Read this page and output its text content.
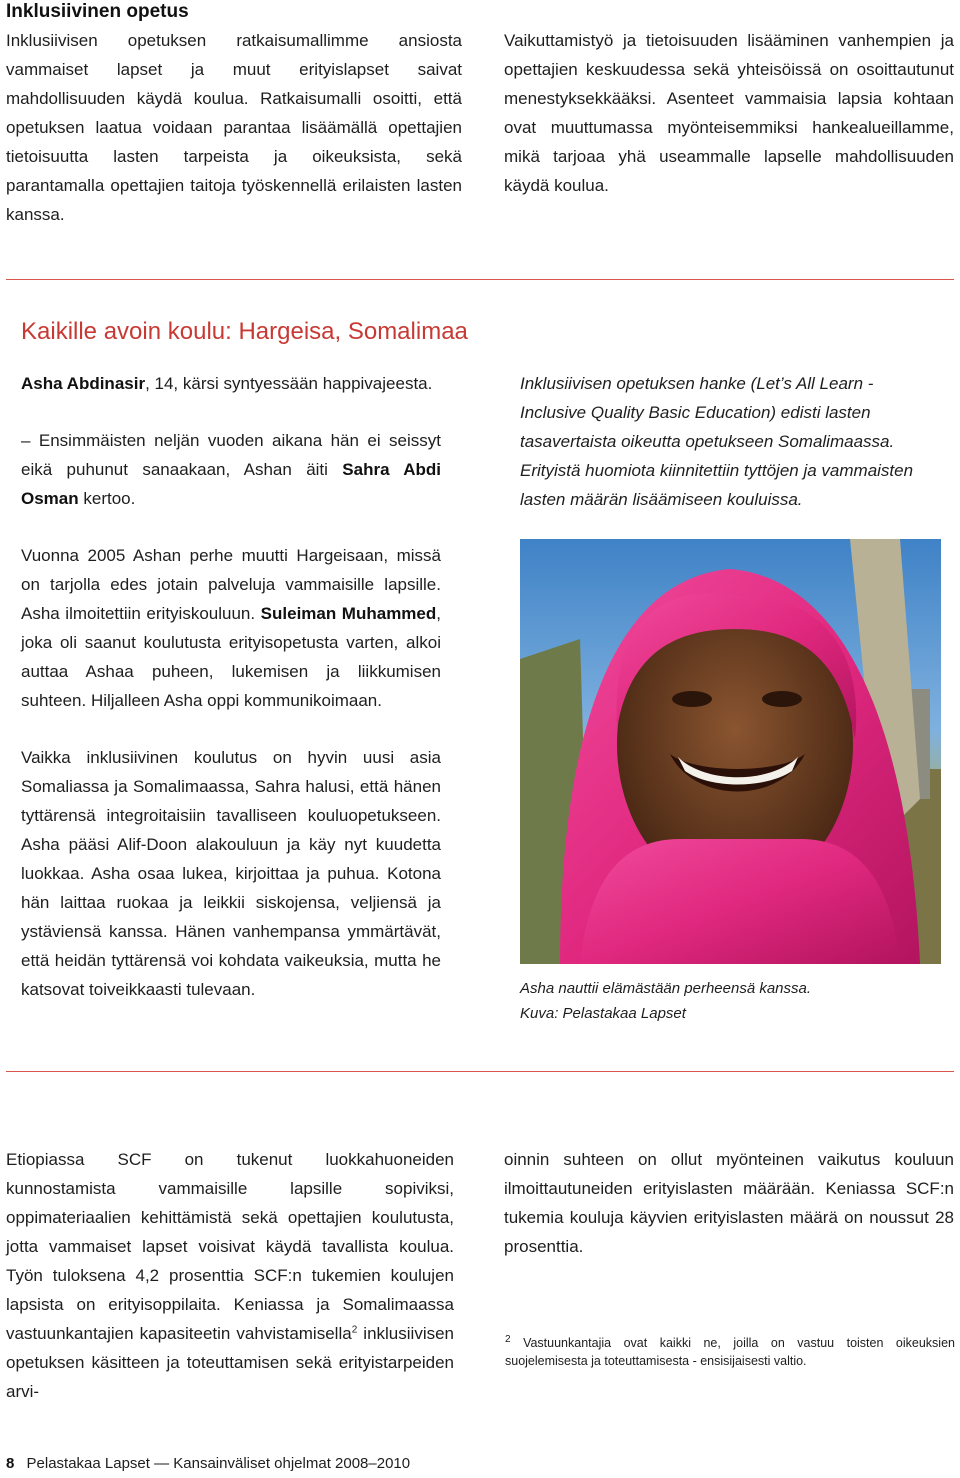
Inklusiivinen opetus

Inklusiivisen opetuksen ratkaisumallimme ansiosta vammaiset lapset ja muut erityislapset saivat mahdollisuuden käydä koulua. Ratkaisumalli osoitti, että opetuksen laatua voidaan parantaa lisäämällä opettajien tietoisuutta lasten tarpeista ja oikeuksista, sekä parantamalla opettajien taitoja työskennellä erilaisten lasten kanssa.

Vaikuttamistyö ja tietoisuuden lisääminen vanhempien ja opettajien keskuudessa sekä yhteisöissä on osoittautunut menestyksekkääksi. Asenteet vammaisia lapsia kohtaan ovat muuttumassa myönteisemmiksi hankealueillamme, mikä tarjoaa yhä useammalle lapselle mahdollisuuden käydä koulua.

Kaikille avoin koulu: Hargeisa, Somalimaa

Asha Abdinasir, 14, kärsi syntyessään happivajeesta.

– Ensimmäisten neljän vuoden aikana hän ei seissyt eikä puhunut sanaakaan, Ashan äiti Sahra Abdi Osman kertoo.

Vuonna 2005 Ashan perhe muutti Hargeisaan, missä on tarjolla edes jotain palveluja vammaisille lapsille. Asha ilmoitettiin erityiskouluun. Suleiman Muhammed, joka oli saanut koulutusta erityisopetusta varten, alkoi auttaa Ashaa puheen, lukemisen ja liikkumisen suhteen. Hiljalleen Asha oppi kommunikoimaan.

Vaikka inklusiivinen koulutus on hyvin uusi asia Somaliassa ja Somalimaassa, Sahra halusi, että hänen tyttärensä integroitaisiin tavalliseen kouluopetukseen. Asha pääsi Alif-Doon alakouluun ja käy nyt kuudetta luokkaa. Asha osaa lukea, kirjoittaa ja puhua. Kotona hän laittaa ruokaa ja leikkii siskojensa, veljiensä ja ystäviensä kanssa. Hänen vanhempansa ymmärtävät, että heidän tyttärensä voi kohdata vaikeuksia, mutta he katsovat toiveikkaasti tulevaan.

Inklusiivisen opetuksen hanke (Let’s All Learn - Inclusive Quality Basic Education) edisti lasten tasavertaista oikeutta opetukseen Somalimaassa. Erityistä huomiota kiinnitettiin tyttöjen ja vammaisten lasten määrän lisäämiseen kouluissa.

Asha nauttii elämästään perheensä kanssa.
Kuva: Pelastakaa Lapset

Etiopiassa SCF on tukenut luokkahuoneiden kunnostamista vammaisille lapsille sopiviksi, oppimateriaalien kehittämistä sekä opettajien koulutusta, jotta vammaiset lapset voisivat käydä tavallista koulua. Työn tuloksena 4,2 prosenttia SCF:n tukemien koulujen lapsista on erityisoppilaita. Keniassa ja Somalimaassa vastuunkantajien kapasiteetin vahvistamisella$^2$ inklusiivisen opetuksen käsitteen ja toteuttamisen sekä erityistarpeiden arvi-

oinnin suhteen on ollut myönteinen vaikutus kouluun ilmoittautuneiden erityislasten määrään. Keniassa SCF:n tukemia kouluja käyvien erityislasten määrä on noussut 28 prosenttia.

$^2$ Vastuunkantajia ovat kaikki ne, joilla on vastuu toisten oikeuksien suojelemisesta ja toteuttamisesta - ensisijaisesti valtio.
8 Pelastakaa Lapset — Kansainväliset ohjelmat 2008–2010
